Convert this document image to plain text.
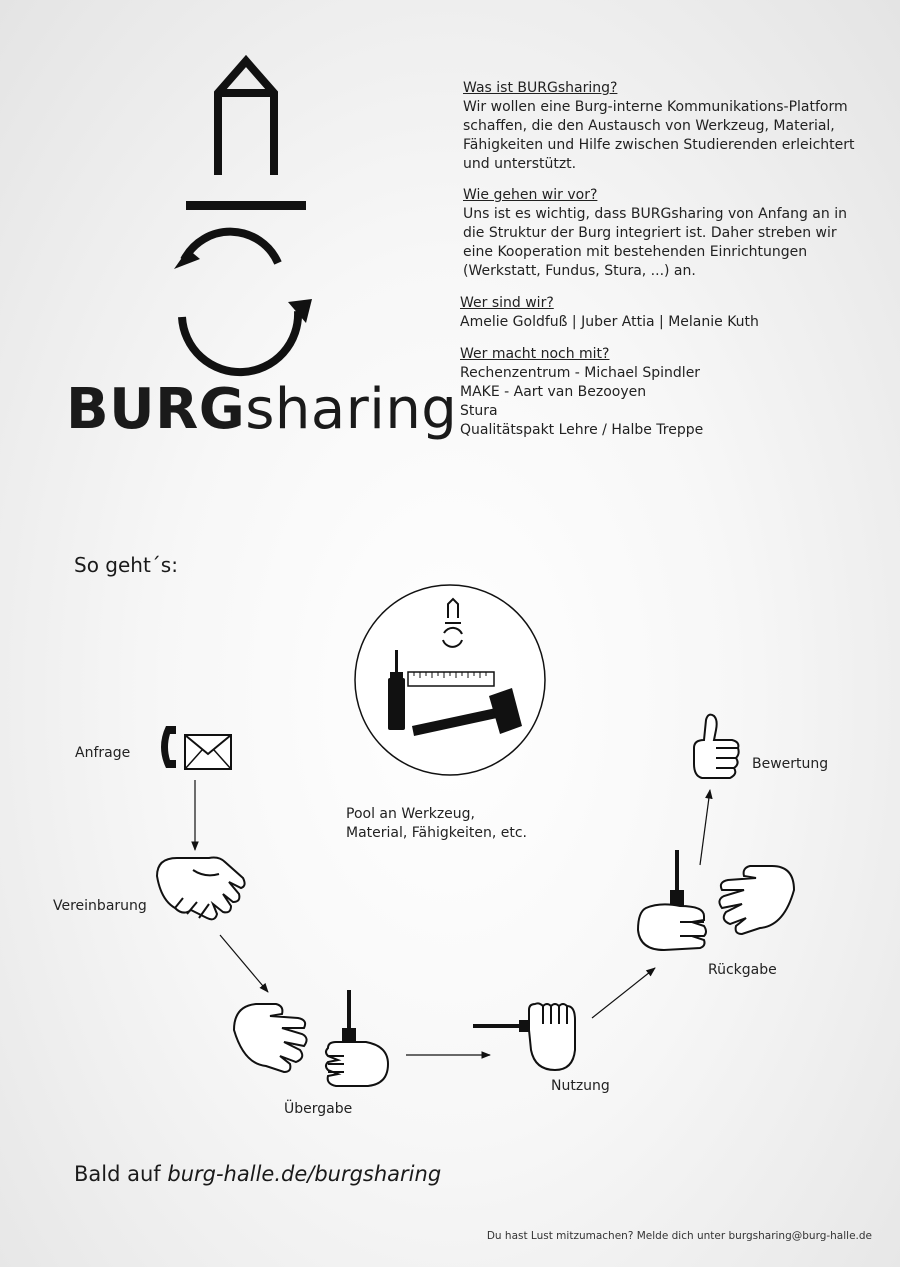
BURGsharing

Was ist BURGsharing?

Wir wollen eine Burg-interne Kommunikations-Platform

schaffen, die den Austausch von Werkzeug, Material,

Fähigkeiten und Hilfe zwischen Studierenden erleichtert

und unterstützt.

Wie gehen wir vor?

Uns ist es wichtig, dass BURGsharing von Anfang an in

die Struktur der Burg integriert ist. Daher streben wir

eine Kooperation mit bestehenden Einrichtungen

(Werkstatt, Fundus, Stura, ...) an.

Wer sind wir?

Amelie Goldfuß | Juber Attia | Melanie Kuth

Wer macht noch mit?

Rechenzentrum - Michael Spindler

MAKE - Aart van Bezooyen

Stura

Qualitätspakt Lehre / Halbe Treppe

So geht´s:
Pool an Werkzeug,
Material, Fähigkeiten, etc.
Anfrage
Vereinbarung
Übergabe
Nutzung
Rückgabe
Bewertung
Bald auf burg-halle.de/burgsharing
Du hast Lust mitzumachen? Melde dich unter burgsharing@burg-halle.de
